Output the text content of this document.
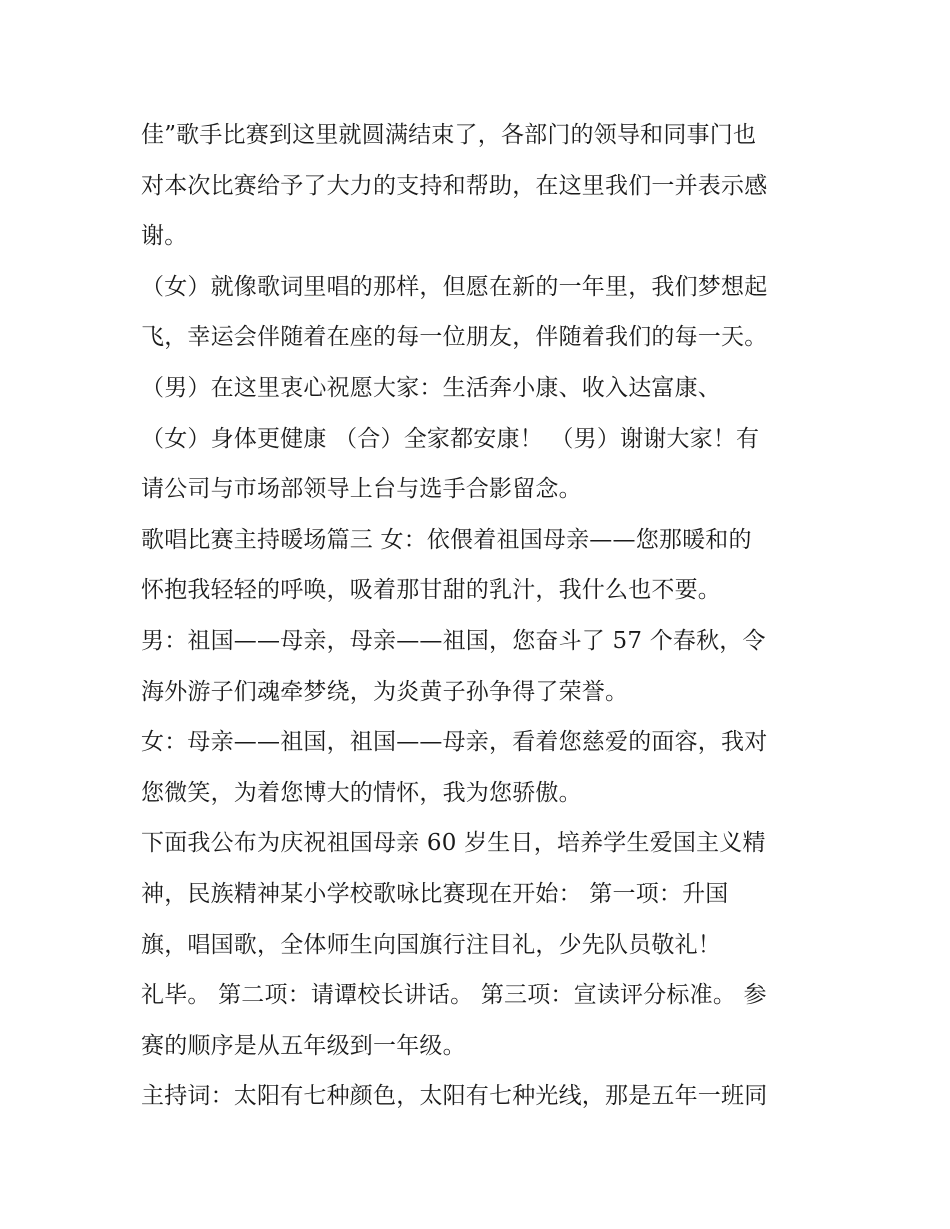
佳”歌手比赛到这里就圆满结束了，各部门的领导和同事门也
对本次比赛给予了大力的支持和帮助，在这里我们一并表示感
谢。
（女）就像歌词里唱的那样，但愿在新的一年里，我们梦想起
飞，幸运会伴随着在座的每一位朋友，伴随着我们的每一天。
（男）在这里衷心祝愿大家：生活奔小康、收入达富康、
（女）身体更健康 （合）全家都安康！ （男）谢谢大家！有
请公司与市场部领导上台与选手合影留念。
歌唱比赛主持暖场篇三 女：依偎着祖国母亲——您那暖和的
怀抱我轻轻的呼唤，吸着那甘甜的乳汁，我什么也不要。
男：祖国——母亲，母亲——祖国，您奋斗了 57 个春秋，令
海外游子们魂牵梦绕，为炎黄子孙争得了荣誉。
女：母亲——祖国，祖国——母亲，看着您慈爱的面容，我对
您微笑，为着您博大的情怀，我为您骄傲。
下面我公布为庆祝祖国母亲 60 岁生日，培养学生爱国主义精
神，民族精神某小学校歌咏比赛现在开始： 第一项：升国
旗，唱国歌，全体师生向国旗行注目礼，少先队员敬礼！
礼毕。 第二项：请谭校长讲话。 第三项：宣读评分标准。 参
赛的顺序是从五年级到一年级。
主持词：太阳有七种颜色，太阳有七种光线，那是五年一班同
